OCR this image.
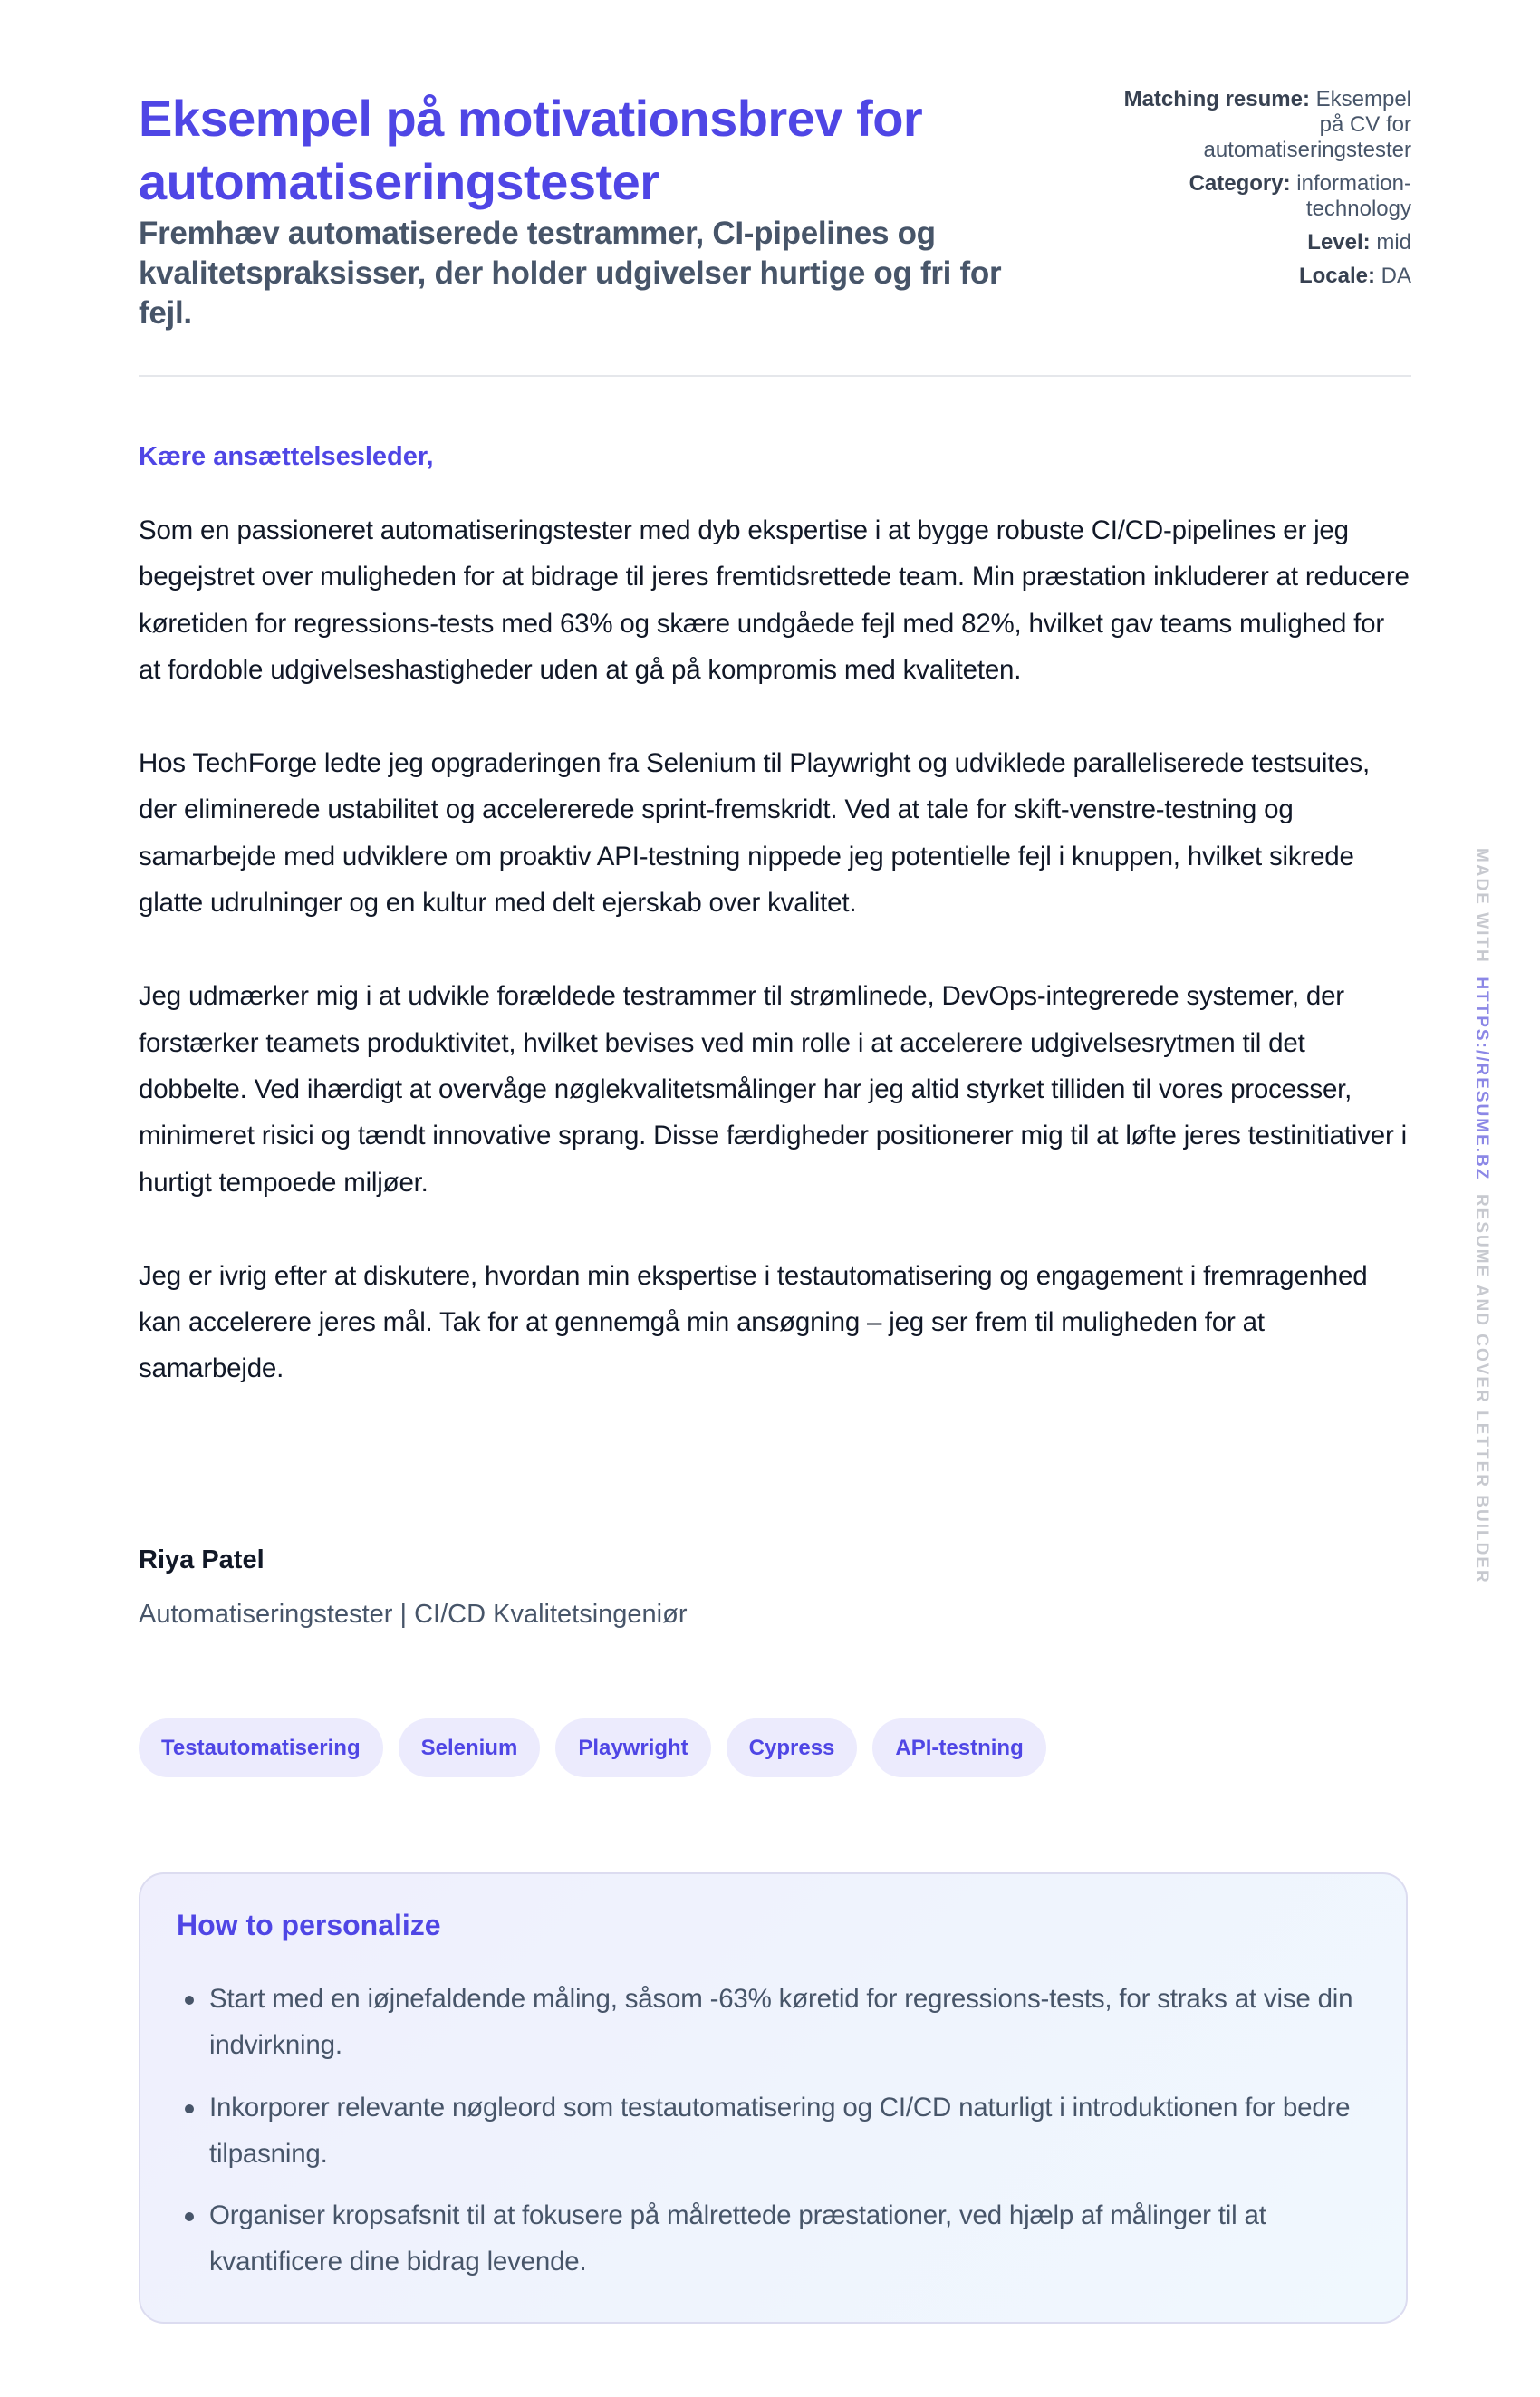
Eksempel på motivationsbrev for automatiseringstester

Fremhæv automatiserede testrammer, CI-pipelines og kvalitetspraksisser, der holder udgivelser hurtige og fri for fejl.

Matching resume: Eksempel på CV for automatiseringstester
Category: information-technology
Level: mid
Locale: DA

Kære ansættelsesleder,

Som en passioneret automatiseringstester med dyb ekspertise i at bygge robuste CI/CD-pipelines er jeg begejstret over muligheden for at bidrage til jeres fremtidsrettede team. Min præstation inkluderer at reducere køretiden for regressions-tests med 63% og skære undgåede fejl med 82%, hvilket gav teams mulighed for at fordoble udgivelseshastigheder uden at gå på kompromis med kvaliteten.

Hos TechForge ledte jeg opgraderingen fra Selenium til Playwright og udviklede paralleliserede testsuites, der eliminerede ustabilitet og accelererede sprint-fremskridt. Ved at tale for skift-venstre-testning og samarbejde med udviklere om proaktiv API-testning nippede jeg potentielle fejl i knuppen, hvilket sikrede glatte udrulninger og en kultur med delt ejerskab over kvalitet.

Jeg udmærker mig i at udvikle forældede testrammer til strømlinede, DevOps-integrerede systemer, der forstærker teamets produktivitet, hvilket bevises ved min rolle i at accelerere udgivelsesrytmen til det dobbelte. Ved ihærdigt at overvåge nøglekvalitetsmålinger har jeg altid styrket tilliden til vores processer, minimeret risici og tændt innovative sprang. Disse færdigheder positionerer mig til at løfte jeres testinitiativer i hurtigt tempoede miljøer.

Jeg er ivrig efter at diskutere, hvordan min ekspertise i testautomatisering og engagement i fremragenhed kan accelerere jeres mål. Tak for at gennemgå min ansøgning – jeg ser frem til muligheden for at samarbejde.

Riya Patel

Automatiseringstester | CI/CD Kvalitetsingeniør

Testautomatisering	Selenium	Playwright	Cypress	API-testning
How to personalize
Start med en iøjnefaldende måling, såsom -63% køretid for regressions-tests, for straks at vise din indvirkning.
Inkorporer relevante nøgleord som testautomatisering og CI/CD naturligt i introduktionen for bedre tilpasning.
Organiser kropsafsnit til at fokusere på målrettede præstationer, ved hjælp af målinger til at kvantificere dine bidrag levende.
MADE WITH  HTTPS://RESUME.BZ  RESUME AND COVER LETTER BUILDER
